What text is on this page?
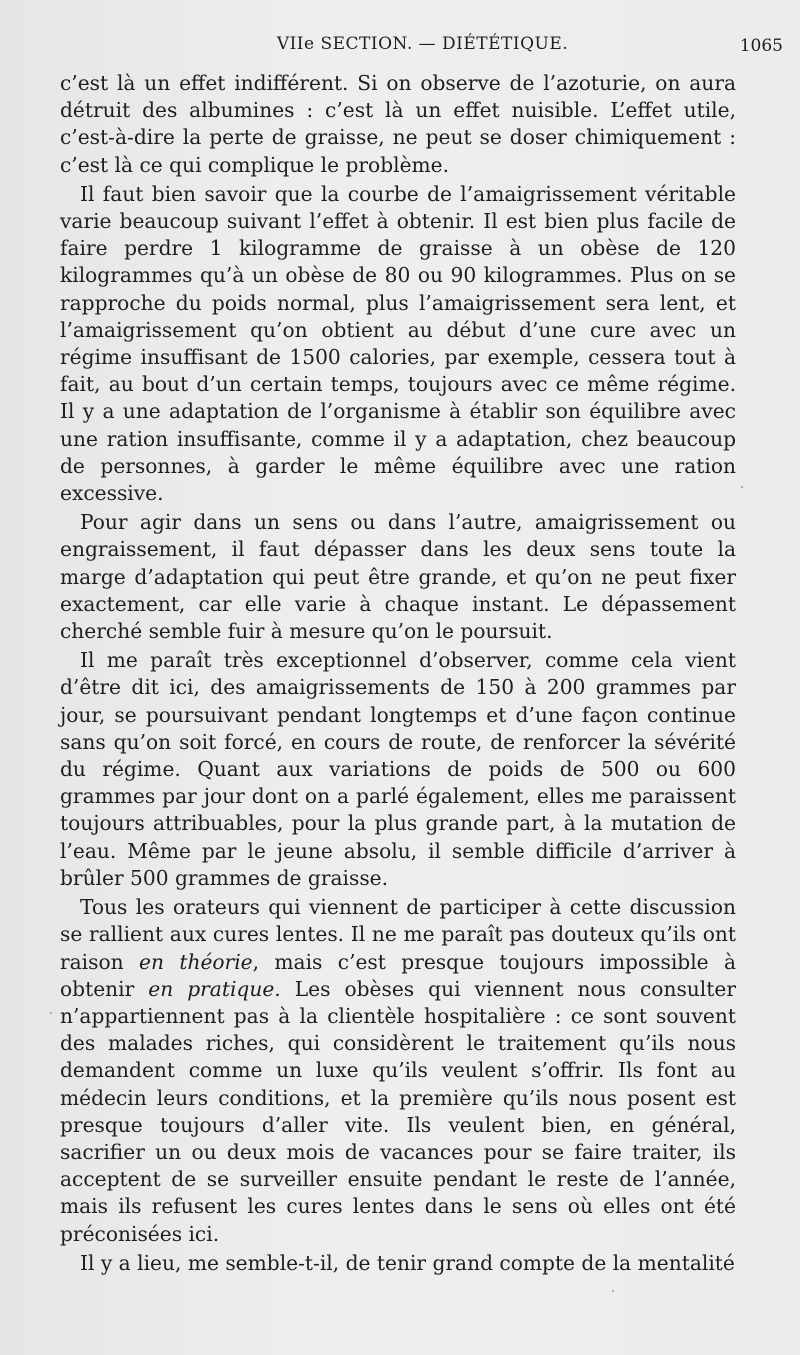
VIIe SECTION. — DIÉTÉTIQUE.	1065

c’est là un effet indifférent. Si on observe de l’azoturie, on aura détruit des albumines : c’est là un effet nuisible. L’effet utile, c’est-à-dire la perte de graisse, ne peut se doser chimiquement : c’est là ce qui complique le problème.

Il faut bien savoir que la courbe de l’amaigrissement véritable varie beaucoup suivant l’effet à obtenir. Il est bien plus facile de faire perdre 1 kilogramme de graisse à un obèse de 120 kilogrammes qu’à un obèse de 80 ou 90 kilogrammes. Plus on se rapproche du poids normal, plus l’amaigrissement sera lent, et l’amaigrissement qu’on obtient au début d’une cure avec un régime insuffisant de 1500 calories, par exemple, cessera tout à fait, au bout d’un certain temps, toujours avec ce même régime. Il y a une adaptation de l’organisme à établir son équilibre avec une ration insuffisante, comme il y a adaptation, chez beaucoup de personnes, à garder le même équilibre avec une ration excessive.

Pour agir dans un sens ou dans l’autre, amaigrissement ou engraissement, il faut dépasser dans les deux sens toute la marge d’adaptation qui peut être grande, et qu’on ne peut fixer exactement, car elle varie à chaque instant. Le dépassement cherché semble fuir à mesure qu’on le poursuit.

Il me paraît très exceptionnel d’observer, comme cela vient d’être dit ici, des amaigrissements de 150 à 200 grammes par jour, se poursuivant pendant longtemps et d’une façon continue sans qu’on soit forcé, en cours de route, de renforcer la sévérité du régime. Quant aux variations de poids de 500 ou 600 grammes par jour dont on a parlé également, elles me paraissent toujours attribuables, pour la plus grande part, à la mutation de l’eau. Même par le jeune absolu, il semble difficile d’arriver à brûler 500 grammes de graisse.

Tous les orateurs qui viennent de participer à cette discussion se rallient aux cures lentes. Il ne me paraît pas douteux qu’ils ont raison en théorie, mais c’est presque toujours impossible à obtenir en pratique. Les obèses qui viennent nous consulter n’appartiennent pas à la clientèle hospitalière : ce sont souvent des malades riches, qui considèrent le traitement qu’ils nous demandent comme un luxe qu’ils veulent s’offrir. Ils font au médecin leurs conditions, et la première qu’ils nous posent est presque toujours d’aller vite. Ils veulent bien, en général, sacrifier un ou deux mois de vacances pour se faire traiter, ils acceptent de se surveiller ensuite pendant le reste de l’année, mais ils refusent les cures lentes dans le sens où elles ont été préconisées ici.

Il y a lieu, me semble-t-il, de tenir grand compte de la mentalité
